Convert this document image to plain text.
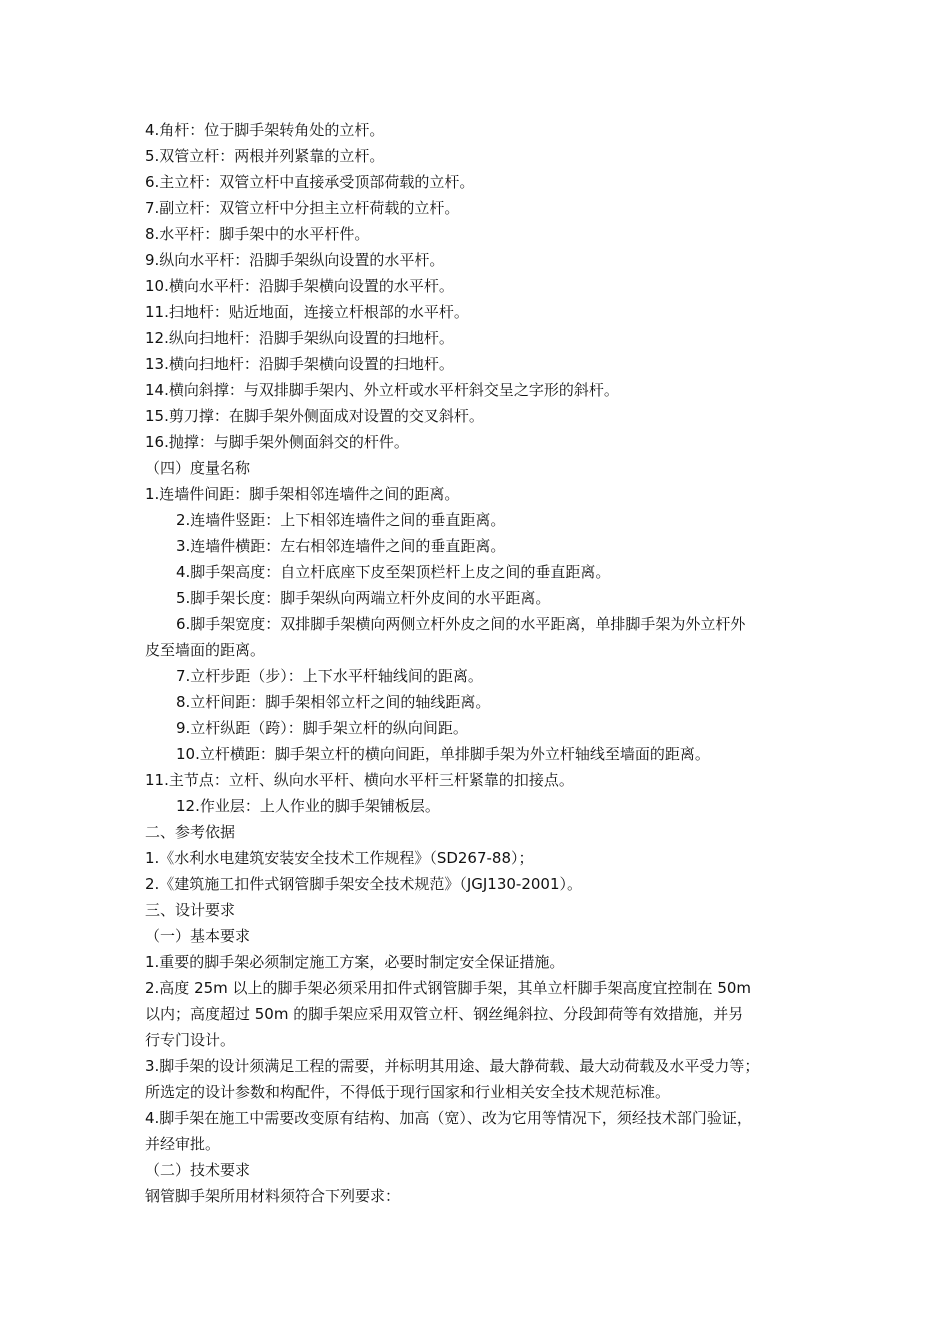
4.角杆：位于脚手架转角处的立杆。

5.双管立杆：两根并列紧靠的立杆。

6.主立杆：双管立杆中直接承受顶部荷载的立杆。

7.副立杆：双管立杆中分担主立杆荷载的立杆。

8.水平杆：脚手架中的水平杆件。

9.纵向水平杆：沿脚手架纵向设置的水平杆。

10.横向水平杆：沿脚手架横向设置的水平杆。

11.扫地杆：贴近地面，连接立杆根部的水平杆。

12.纵向扫地杆：沿脚手架纵向设置的扫地杆。

13.横向扫地杆：沿脚手架横向设置的扫地杆。

14.横向斜撑：与双排脚手架内、外立杆或水平杆斜交呈之字形的斜杆。

15.剪刀撑：在脚手架外侧面成对设置的交叉斜杆。

16.抛撑：与脚手架外侧面斜交的杆件。

（四）度量名称

1.连墙件间距：脚手架相邻连墙件之间的距离。

2.连墙件竖距：上下相邻连墙件之间的垂直距离。

3.连墙件横距：左右相邻连墙件之间的垂直距离。

4.脚手架高度：自立杆底座下皮至架顶栏杆上皮之间的垂直距离。

5.脚手架长度：脚手架纵向两端立杆外皮间的水平距离。

6.脚手架宽度：双排脚手架横向两侧立杆外皮之间的水平距离，单排脚手架为外立杆外

皮至墙面的距离。

7.立杆步距（步）：上下水平杆轴线间的距离。

8.立杆间距：脚手架相邻立杆之间的轴线距离。

9.立杆纵距（跨）：脚手架立杆的纵向间距。

10.立杆横距：脚手架立杆的横向间距，单排脚手架为外立杆轴线至墙面的距离。

11.主节点：立杆、纵向水平杆、横向水平杆三杆紧靠的扣接点。

12.作业层：上人作业的脚手架铺板层。

二、参考依据

1.《水利水电建筑安装安全技术工作规程》（SD267-88）；

2.《建筑施工扣件式钢管脚手架安全技术规范》（JGJ130-2001）。

三、设计要求

（一）基本要求

1.重要的脚手架必须制定施工方案，必要时制定安全保证措施。

2.高度 25m 以上的脚手架必须采用扣件式钢管脚手架，其单立杆脚手架高度宜控制在 50m

以内；高度超过 50m 的脚手架应采用双管立杆、钢丝绳斜拉、分段卸荷等有效措施，并另

行专门设计。

3.脚手架的设计须满足工程的需要，并标明其用途、最大静荷载、最大动荷载及水平受力等；

所选定的设计参数和构配件，不得低于现行国家和行业相关安全技术规范标准。

4.脚手架在施工中需要改变原有结构、加高（宽）、改为它用等情况下，须经技术部门验证，

并经审批。

（二）技术要求

钢管脚手架所用材料须符合下列要求：
